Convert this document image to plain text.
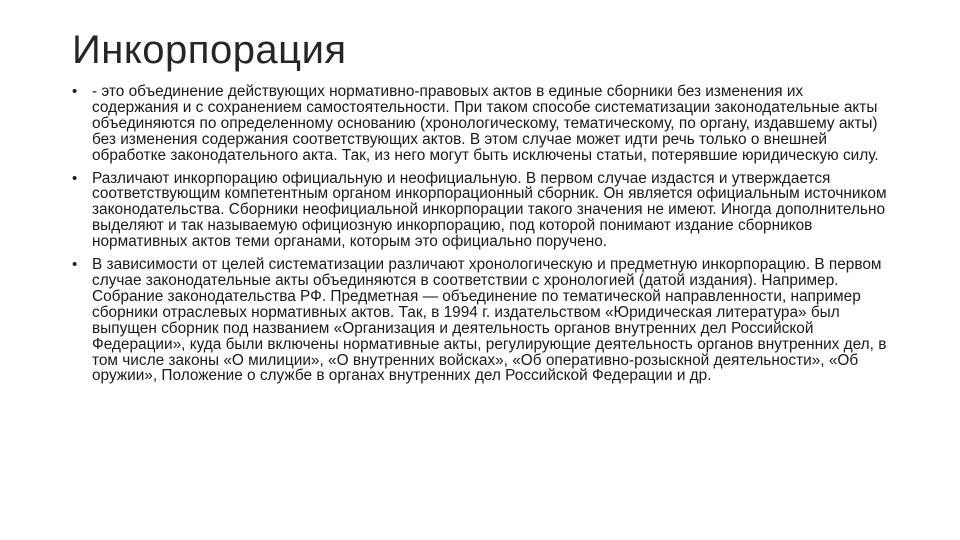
Инкорпорация
• - это объединение действующих нормативно-правовых актов в единые сборники без изменения их содержания и с сохранением самостоятельности. При таком способе систематизации законодательные акты объединяются по определенному основанию (хронологическому, тематическому, по органу, издавшему акты) без изменения содержания соответствующих актов. В этом случае может идти речь только о внешней обработке законодательного акта. Так, из него могут быть исключены статьи, потерявшие юридическую силу.
• Различают инкорпорацию официальную и неофициальную. В первом случае издастся и утверждается соответствующим компетентным органом инкорпорационный сборник. Он является официальным источником законодательства. Сборники неофициальной инкорпорации такого значения не имеют. Иногда дополнительно выделяют и так называемую официозную инкорпорацию, под которой понимают издание сборников нормативных актов теми органами, которым это официально поручено.
• В зависимости от целей систематизации различают хронологическую и предметную инкорпорацию. В первом случае законодательные акты объединяются в соответствии с хронологией (датой издания). Например. Собрание законодательства РФ. Предметная — объединение по тематической направленности, например сборники отраслевых нормативных актов. Так, в 1994 г. издательством «Юридическая литература» был выпущен сборник под названием «Организация и деятельность органов внутренних дел Российской Федерации», куда были включены нормативные акты, регулирующие деятельность органов внутренних дел, в том числе законы «О милиции», «О внутренних войсках», «Об оперативно-розыскной деятельности», «Об оружии», Положение о службе в органах внутренних дел Российской Федерации и др.
